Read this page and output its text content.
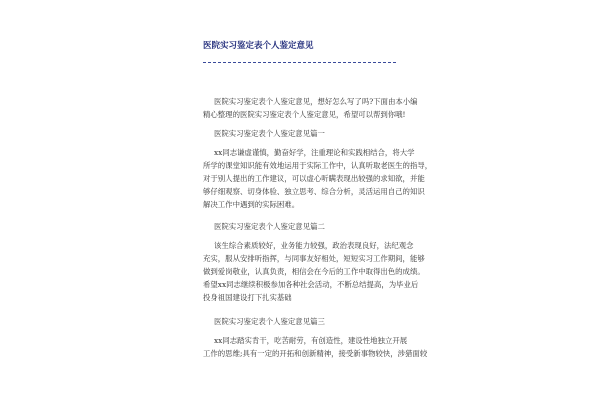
医院实习鉴定表个人鉴定意见
医院实习鉴定表个人鉴定意见，想好怎么写了吗?下面由本小编
精心整理的医院实习鉴定表个人鉴定意见，希望可以帮到你哦!
医院实习鉴定表个人鉴定意见篇一
xx同志谦虚谨慎，勤奋好学，注重理论和实践相结合，将大学
所学的课堂知识能有效地运用于实际工作中，认真听取老医生的指导，
对于别人提出的工作建议，可以虚心听瞒表现出较强的求知欲，并能
够仔细观察、切身体验、独立思考、综合分析，灵活运用自己的知识
解决工作中遇到的实际困难。
医院实习鉴定表个人鉴定意见篇二
该生综合素质较好，业务能力较强，政治表现良好，法纪观念
充实，服从安排听指挥，与同事友好相处，短短实习工作期间，能够
做到爱岗敬业，认真负责，相信会在今后的工作中取得出色的成绩。
希望xx同志继续积极参加各种社会活动，不断总结提高，为毕业后
投身祖国建设打下扎实基础
医院实习鉴定表个人鉴定意见篇三
xx同志踏实肯干，吃苦耐劳，有创造性，建设性地独立开展
工作的思维;具有一定的开拓和创新精神，接受新事物较快，涉猎面较
